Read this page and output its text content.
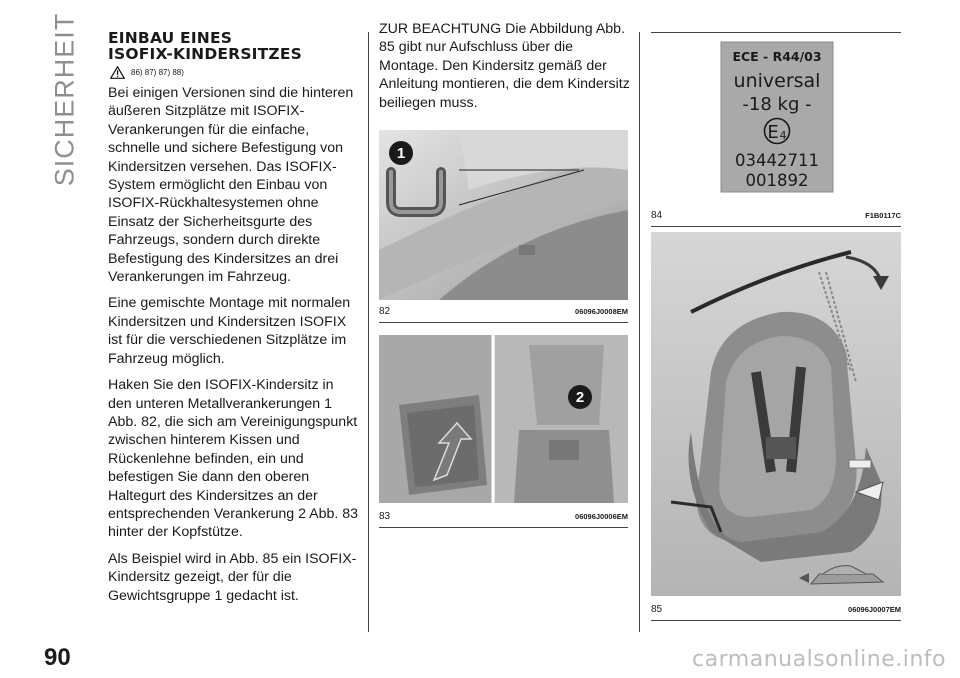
SICHERHEIT EINBAU EINES
ISOFIX-KINDERSITZES
86) 87) 87) 88)

Bei einigen Versionen sind die hinteren äußeren Sitzplätze mit ISOFIX-Verankerungen für die einfache, schnelle und sichere Befestigung von Kindersitzen versehen. Das ISOFIX-System ermöglicht den Einbau von ISOFIX-Rückhaltesystemen ohne Einsatz der Sicherheitsgurte des Fahrzeugs, sondern durch direkte Befestigung des Kindersitzes an drei Verankerungen im Fahrzeug.

Eine gemischte Montage mit normalen Kindersitzen und Kindersitzen ISOFIX ist für die verschiedenen Sitzplätze im Fahrzeug möglich.

Haken Sie den ISOFIX-Kindersitz in den unteren Metallverankerungen 1 Abb. 82, die sich am Vereinigungspunkt zwischen hinterem Kissen und Rückenlehne befinden, ein und befestigen Sie dann den oberen Haltegurt des Kindersitzes an der entsprechenden Verankerung 2 Abb. 83 hinter der Kopfstütze.

Als Beispiel wird in Abb. 85 ein ISOFIX-Kindersitz gezeigt, der für die Gewichtsgruppe 1 gedacht ist.

ZUR BEACHTUNG Die Abbildung Abb. 85 gibt nur Aufschluss über die Montage. Den Kindersitz gemäß der Anleitung montieren, die dem Kindersitz beiliegen muss.

1
82	06096J0008EM
2
83	06096J0006EM
ECE - R44/03
universal
-18 kg -
E 4
03442711
001892
84	F1B0117C
85	06096J0007EM
90	carmanualsonline.info
